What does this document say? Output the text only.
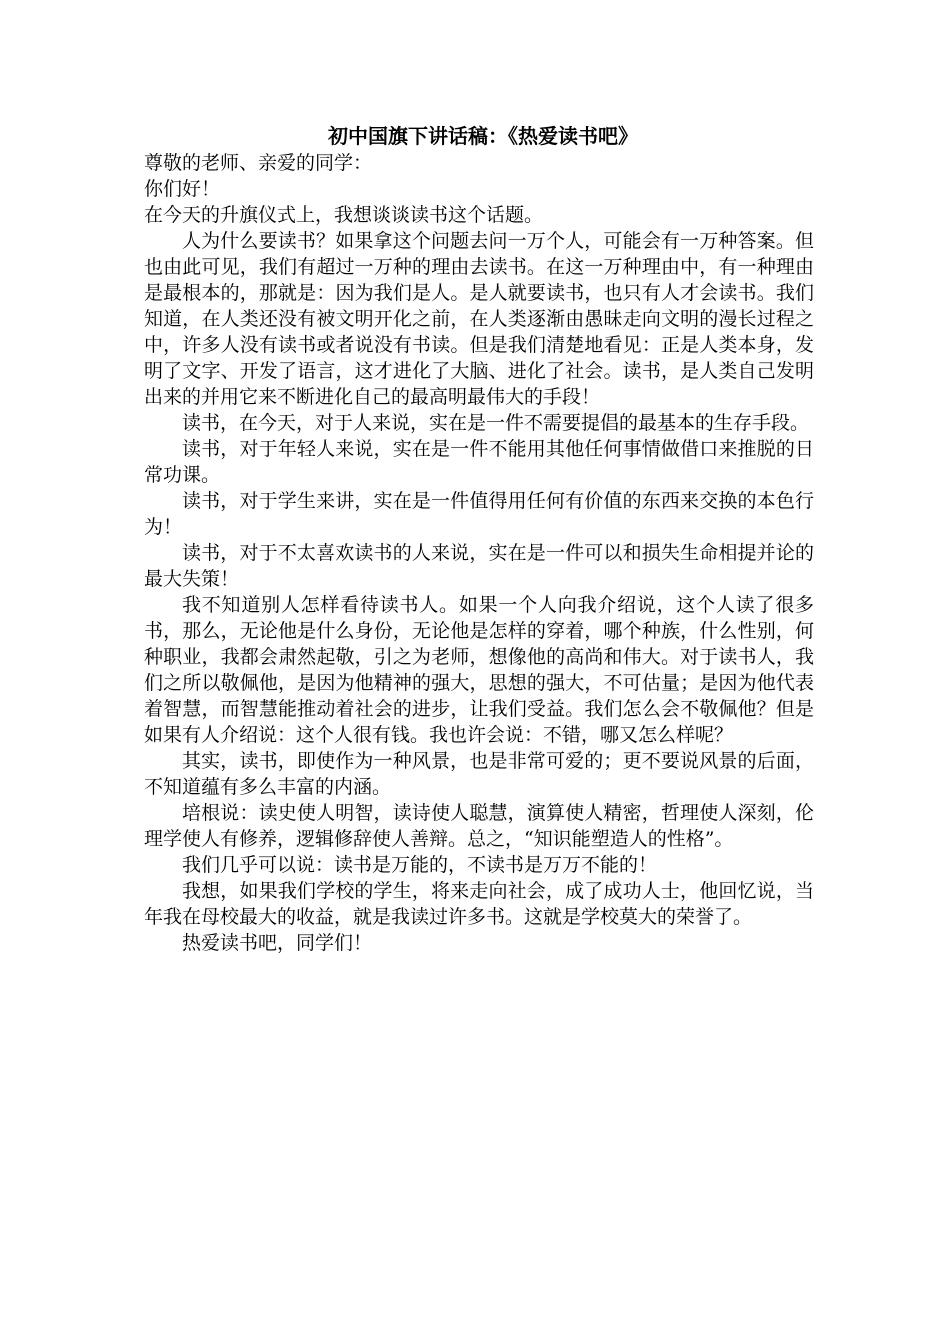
初中国旗下讲话稿：《热爱读书吧》

尊敬的老师、亲爱的同学：

你们好！

在今天的升旗仪式上，我想谈谈读书这个话题。

人为什么要读书？如果拿这个问题去问一万个人，可能会有一万种答案。但也由此可见，我们有超过一万种的理由去读书。在这一万种理由中，有一种理由是最根本的，那就是：因为我们是人。是人就要读书，也只有人才会读书。我们知道，在人类还没有被文明开化之前，在人类逐渐由愚昧走向文明的漫长过程之中，许多人没有读书或者说没有书读。但是我们清楚地看见：正是人类本身，发明了文字、开发了语言，这才进化了大脑、进化了社会。读书，是人类自己发明出来的并用它来不断进化自己的最高明最伟大的手段！

读书，在今天，对于人来说，实在是一件不需要提倡的最基本的生存手段。

读书，对于年轻人来说，实在是一件不能用其他任何事情做借口来推脱的日常功课。

读书，对于学生来讲，实在是一件值得用任何有价值的东西来交换的本色行为！

读书，对于不太喜欢读书的人来说，实在是一件可以和损失生命相提并论的最大失策！

我不知道别人怎样看待读书人。如果一个人向我介绍说，这个人读了很多书，那么，无论他是什么身份，无论他是怎样的穿着，哪个种族，什么性别，何种职业，我都会肃然起敬，引之为老师，想像他的高尚和伟大。对于读书人，我们之所以敬佩他，是因为他精神的强大，思想的强大，不可估量；是因为他代表着智慧，而智慧能推动着社会的进步，让我们受益。我们怎么会不敬佩他？但是如果有人介绍说：这个人很有钱。我也许会说：不错，哪又怎么样呢？

其实，读书，即使作为一种风景，也是非常可爱的；更不要说风景的后面，不知道蕴有多么丰富的内涵。

培根说：读史使人明智，读诗使人聪慧，演算使人精密，哲理使人深刻，伦理学使人有修养，逻辑修辞使人善辩。总之，“知识能塑造人的性格”。

我们几乎可以说：读书是万能的，不读书是万万不能的！

我想，如果我们学校的学生，将来走向社会，成了成功人士，他回忆说，当年我在母校最大的收益，就是我读过许多书。这就是学校莫大的荣誉了。

热爱读书吧，同学们！
